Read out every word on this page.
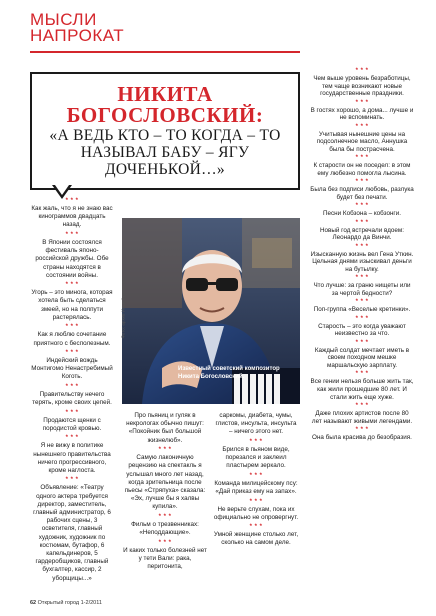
МЫСЛИ НАПРОКАТ
НИКИТА
БОГОСЛОВСКИЙ:
«А ВЕДЬ КТО – ТО КОГДА – ТО НАЗЫВАЛ БАБУ – ЯГУ ДОЧЕНЬКОЙ…»
* * *
Как жаль, что я не знаю вас кинограммов двадцать назад.
* * *
В Японии состоялся фестиваль японо-российской дружбы. Обе страны находятся в состоянии войны.
* * *
Угорь – это минога, которая хотела быть сделаться змеей, но на полпути растерялась.
* * *
Как я люблю сочетание приятного с бесполезным.
* * *
Индейский вождь Монтигомо Ненастребимый Коготь.
* * *
Правительству нечего терять, кроме своих цепей.
* * *
Продаются щенки с породистой кровью.
* * *
Я не вижу в политике нынешнего правительства ничего прогрессивного, кроме наглоста.
* * *
Объявление: «Театру одного актера требуется директор, заместитель, главный администратор, 6 рабочих сцены, 3 осветителя, главный художник, художник по костюмам, бутафор, 6 капельдинеров, 5 гардеробщиков, главный бухгалтер, кассир, 2 уборщицы...»
Фото: архив Ильи Кузнецова
Известный советский композитор Никита Богословский.
Про пьяниц и гуляк в некрологах обычно пишут: «Покойник был большой жизнелюб».
* * *
Самую лаконичную рецензию на спектакль я услышал много лет назад, когда зрительница после пьесы «Стряпуха» сказала: «Эх, лучше бы я халвы купила».
* * *
Фильм о трезвенниках: «Неподдающие».
* * *
И каких только болезней нет у тети Вали: рака, перитонита,
саркомы, диабета, чумы, глистов, инсульта, инсульта – ничего этого нет.
* * *
Брился в пьяном виде, порезался и заклеил пластырем зеркало.
* * *
Команда милицейскому псу: «Дай приказ ему на запах».
* * *
Не верьте слухам, пока их официально не опровергнут.
* * *
Умной женщине столько лет, сколько на самом деле.
* * *
Чем выше уровень безработицы, тем чаще возникают новые государственные праздники.
* * *
В гостях хорошо, а дома... лучше и не вспоминать.
* * *
Учитывая нынешние цены на подсолнечное масло, Аннушка была бы пострасчена.
* * *
К старости он не поседел: в этом ему любезно помогла лысина.
* * *
Была без подписи любовь, разлука будет без печати.
* * *
Песни Кобзона – кобзонги.
* * *
Новый год встречали вдоем: Леонардо да Винчи.
* * *
Изысканную жизнь вел Гена Уткин. Цельная днями изыскивал деньги на бутылку.
* * *
Что лучше: за граню нищеты или за чертой бедности?
* * *
Поп-группа «Веселые кретинки».
* * *
Старость – это когда уважают неизвестно за что.
* * *
Каждый солдат мечтает иметь в своем походном мешке маршальскую зарплату.
* * *
Все гении нельзя больше жить так, как жили прошедшие 80 лет. И стали жить еще хуже.
* * *
Даже плохих артистов после 80 лет называют живыми легендами.
* * *
Она была красива до безобразия.
62 Открытый город 1-2/2011
